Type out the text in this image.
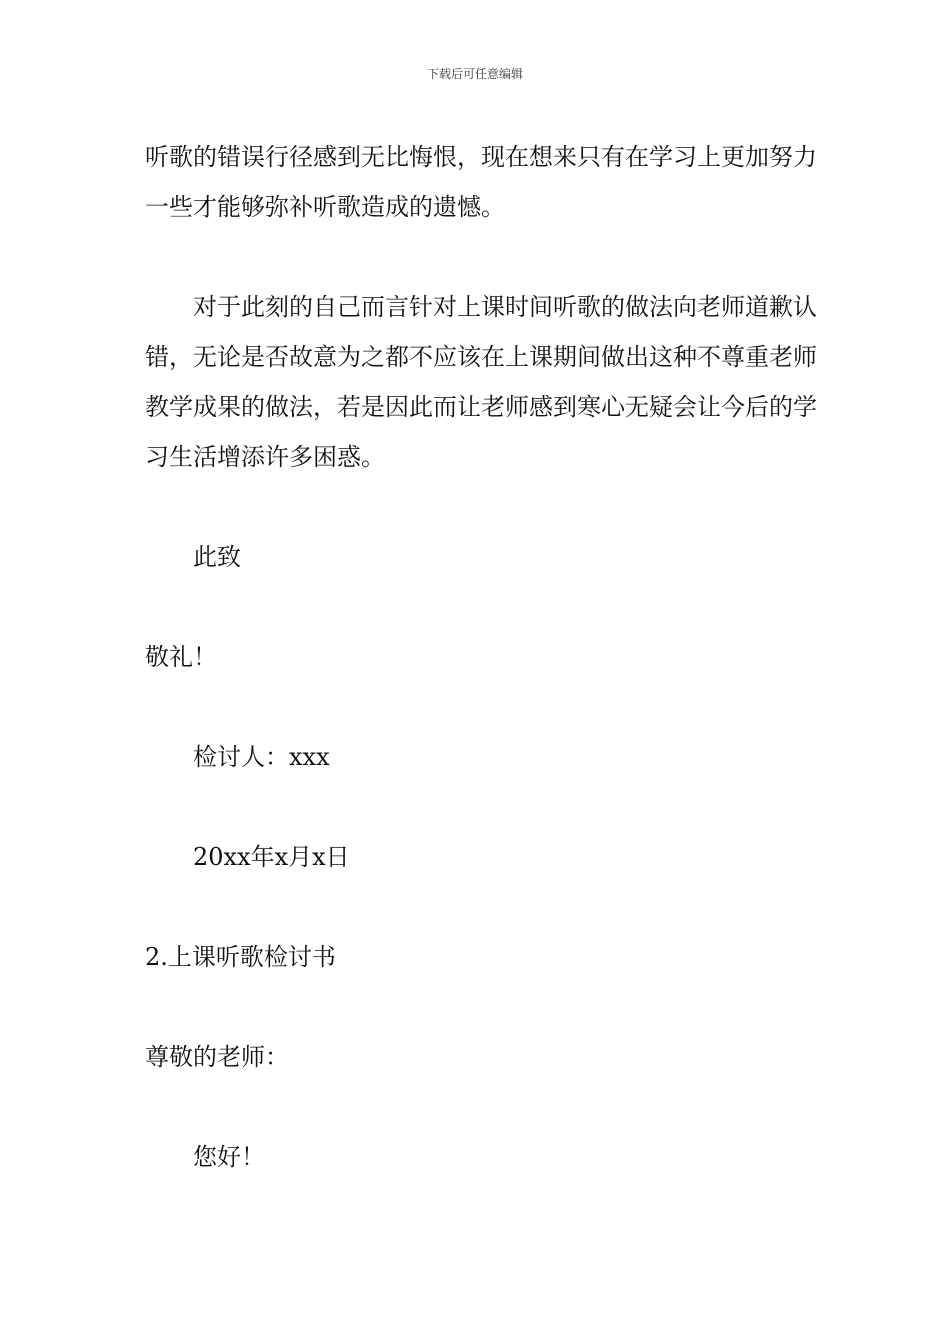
下载后可任意编辑

听歌的错误行径感到无比悔恨，现在想来只有在学习上更加努力一些才能够弥补听歌造成的遗憾。

对于此刻的自己而言针对上课时间听歌的做法向老师道歉认错，无论是否故意为之都不应该在上课期间做出这种不尊重老师教学成果的做法，若是因此而让老师感到寒心无疑会让今后的学习生活增添许多困惑。

此致

敬礼！

检讨人：xxx

20xx年x月x日

2.上课听歌检讨书

尊敬的老师：

您好！
